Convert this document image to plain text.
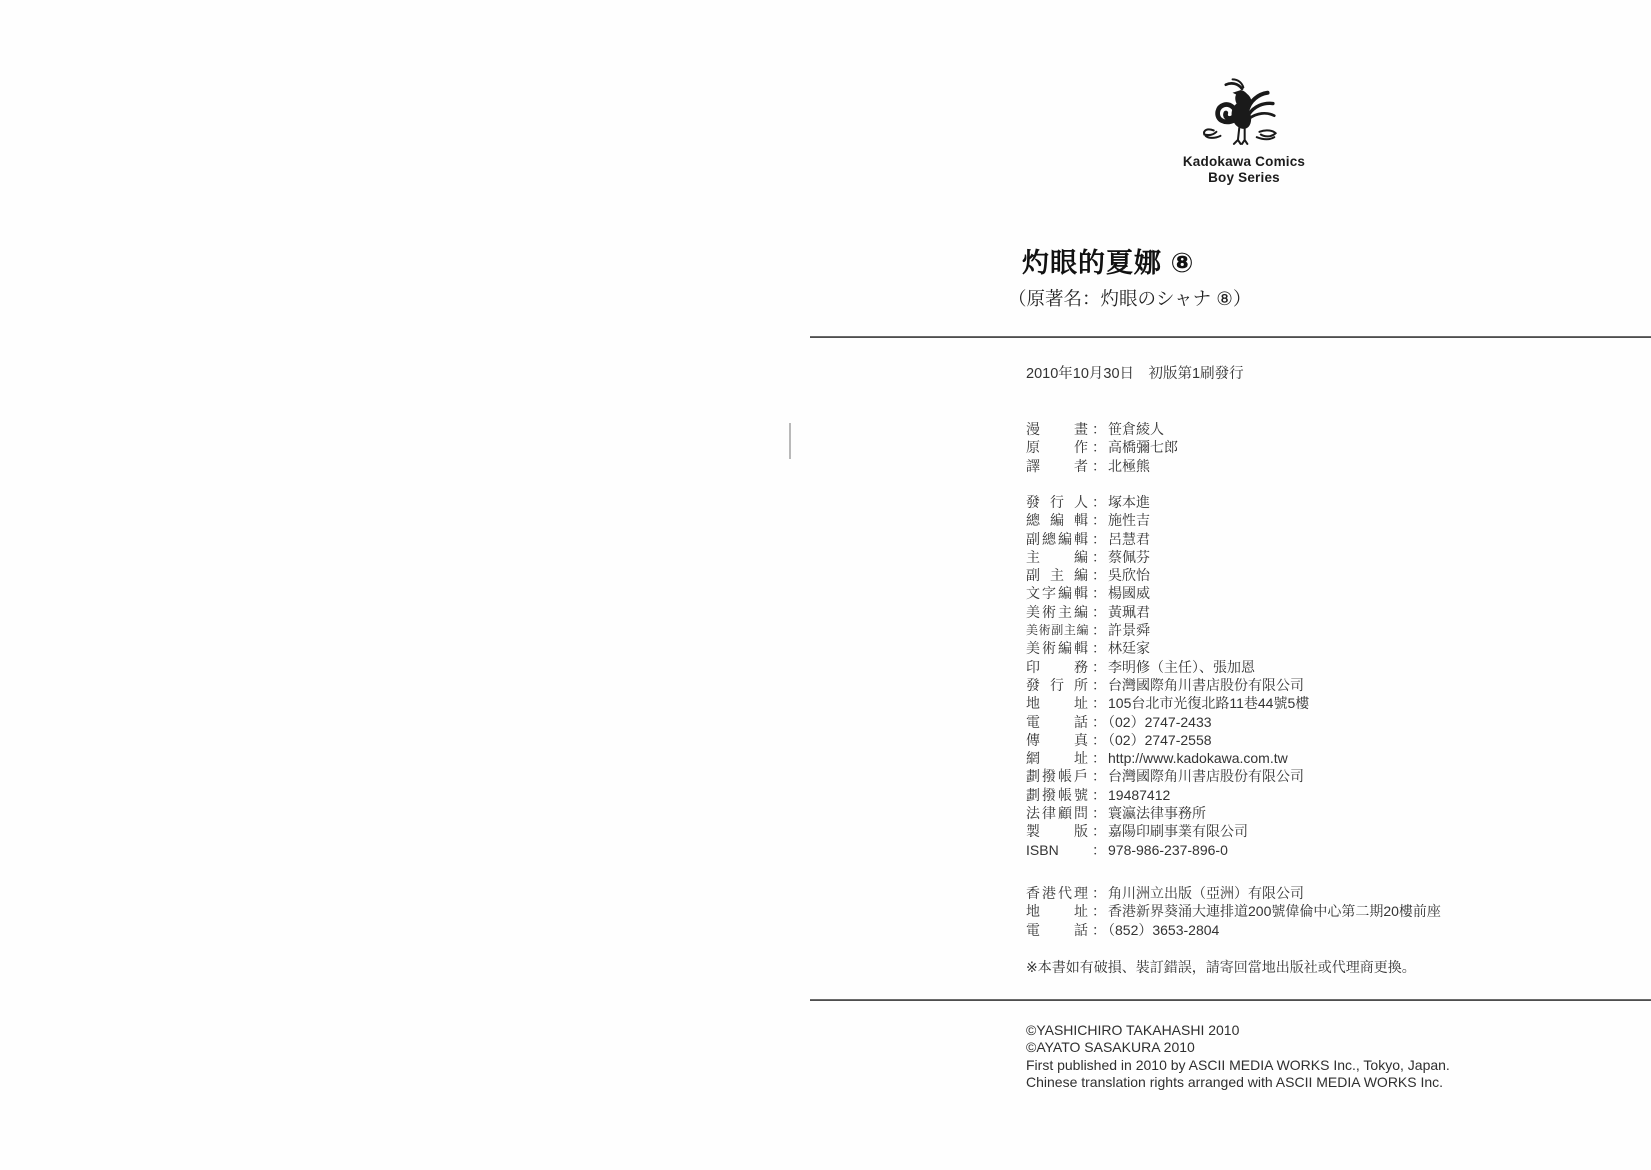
Kadokawa Comics
Boy Series
灼眼的夏娜 ⑧
（原著名：灼眼のシャナ ⑧）
2010年10月30日　初版第1刷發行
漫畫 ： 笹倉綾人
原作 ： 高橋彌七郎
譯者 ： 北極熊
發行人 ： 塚本進
總編輯 ： 施性吉
副總編輯 ： 呂慧君
主編 ： 蔡佩芬
副主編 ： 吳欣怡
文字編輯 ： 楊國威
美術主編 ： 黃珮君
美術副主編 ： 許景舜
美術編輯 ： 林廷家
印務 ： 李明修（主任）、張加恩
發行所 ： 台灣國際角川書店股份有限公司
地址 ： 105台北市光復北路11巷44號5樓
電話 ： （02）2747-2433
傳真 ： （02）2747-2558
網址 ： http://www.kadokawa.com.tw
劃撥帳戶 ： 台灣國際角川書店股份有限公司
劃撥帳號 ： 19487412
法律顧問 ： 寰瀛法律事務所
製版 ： 嘉陽印刷事業有限公司
ISBN ： 978-986-237-896-0
香港代理 ： 角川洲立出版（亞洲）有限公司
地址 ： 香港新界葵涌大連排道200號偉倫中心第二期20樓前座
電話 ： （852）3653-2804
※本書如有破損、裝訂錯誤，請寄回當地出版社或代理商更換。
©YASHICHIRO TAKAHASHI 2010
©AYATO SASAKURA 2010
First published in 2010 by ASCII MEDIA WORKS Inc., Tokyo, Japan.
Chinese translation rights arranged with ASCII MEDIA WORKS Inc.
